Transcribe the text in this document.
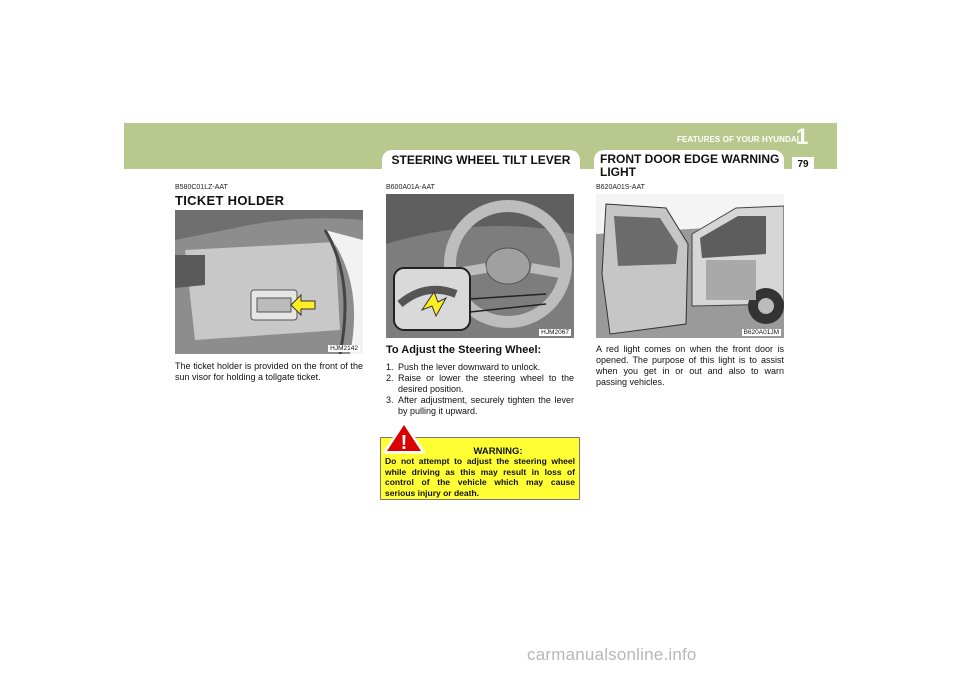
FEATURES OF YOUR HYUNDAI
1
79
STEERING WHEEL TILT LEVER	FRONT DOOR EDGE WARNING LIGHT
B580C01LZ-AAT
TICKET HOLDER
HJM2142
The ticket holder is provided on the front of the sun visor for holding a tollgate ticket.
B600A01A-AAT
HJM2067
To Adjust the Steering Wheel:
1. Push the lever downward to unlock.
2. Raise or lower the steering wheel to the desired position.
3. After adjustment, securely tighten the lever by pulling it upward.
WARNING:
Do not attempt to adjust the steering wheel while driving as this may result in loss of control of the vehicle which may cause serious injury or death.
!
B620A01S-AAT
B620A01JM
A red light comes on when the front door is opened. The purpose of this light is to assist when you get in or out and also to warn passing vehicles.
carmanualsonline.info
